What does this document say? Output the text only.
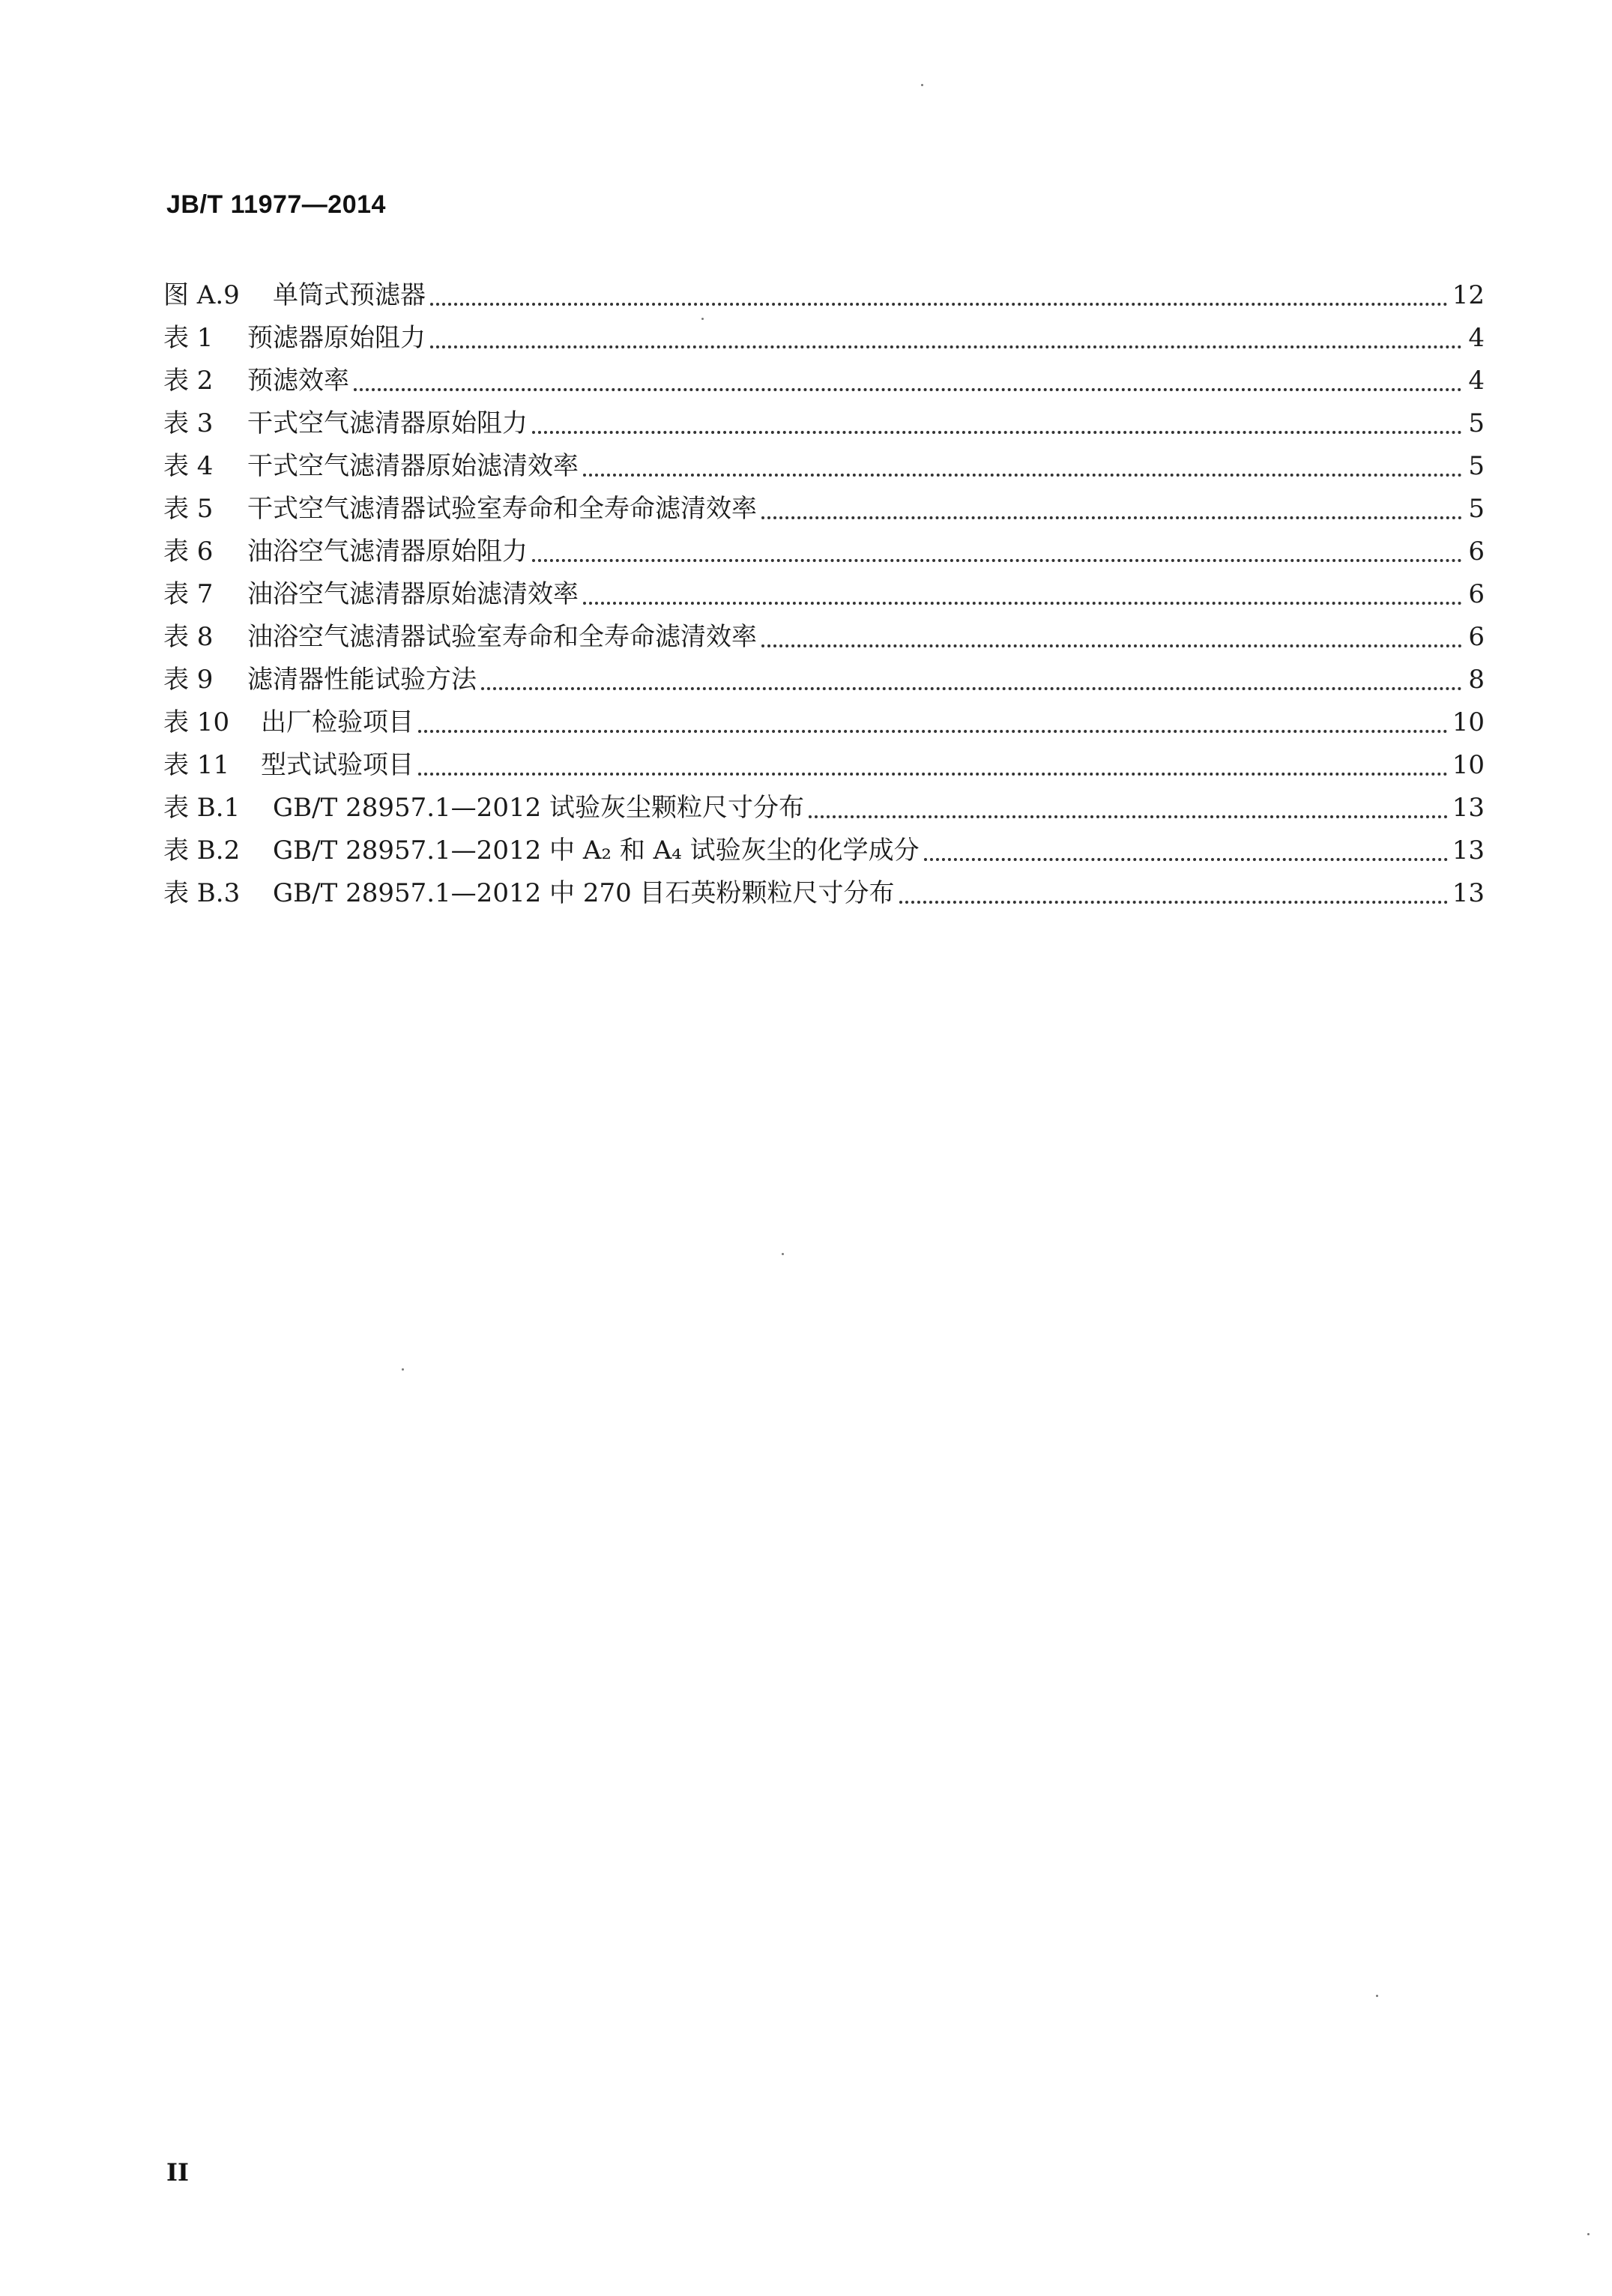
JB/T 11977—2014
图 A.9	单筒式预滤器	12
表 1	预滤器原始阻力	4
表 2	预滤效率	4
表 3	干式空气滤清器原始阻力	5
表 4	干式空气滤清器原始滤清效率	5
表 5	干式空气滤清器试验室寿命和全寿命滤清效率	5
表 6	油浴空气滤清器原始阻力	6
表 7	油浴空气滤清器原始滤清效率	6
表 8	油浴空气滤清器试验室寿命和全寿命滤清效率	6
表 9	滤清器性能试验方法	8
表 10	出厂检验项目	10
表 11	型式试验项目	10
表 B.1	GB/T 28957.1—2012 试验灰尘颗粒尺寸分布	13
表 B.2	GB/T 28957.1—2012 中 A₂ 和 A₄ 试验灰尘的化学成分	13
表 B.3	GB/T 28957.1—2012 中 270 目石英粉颗粒尺寸分布	13
II
